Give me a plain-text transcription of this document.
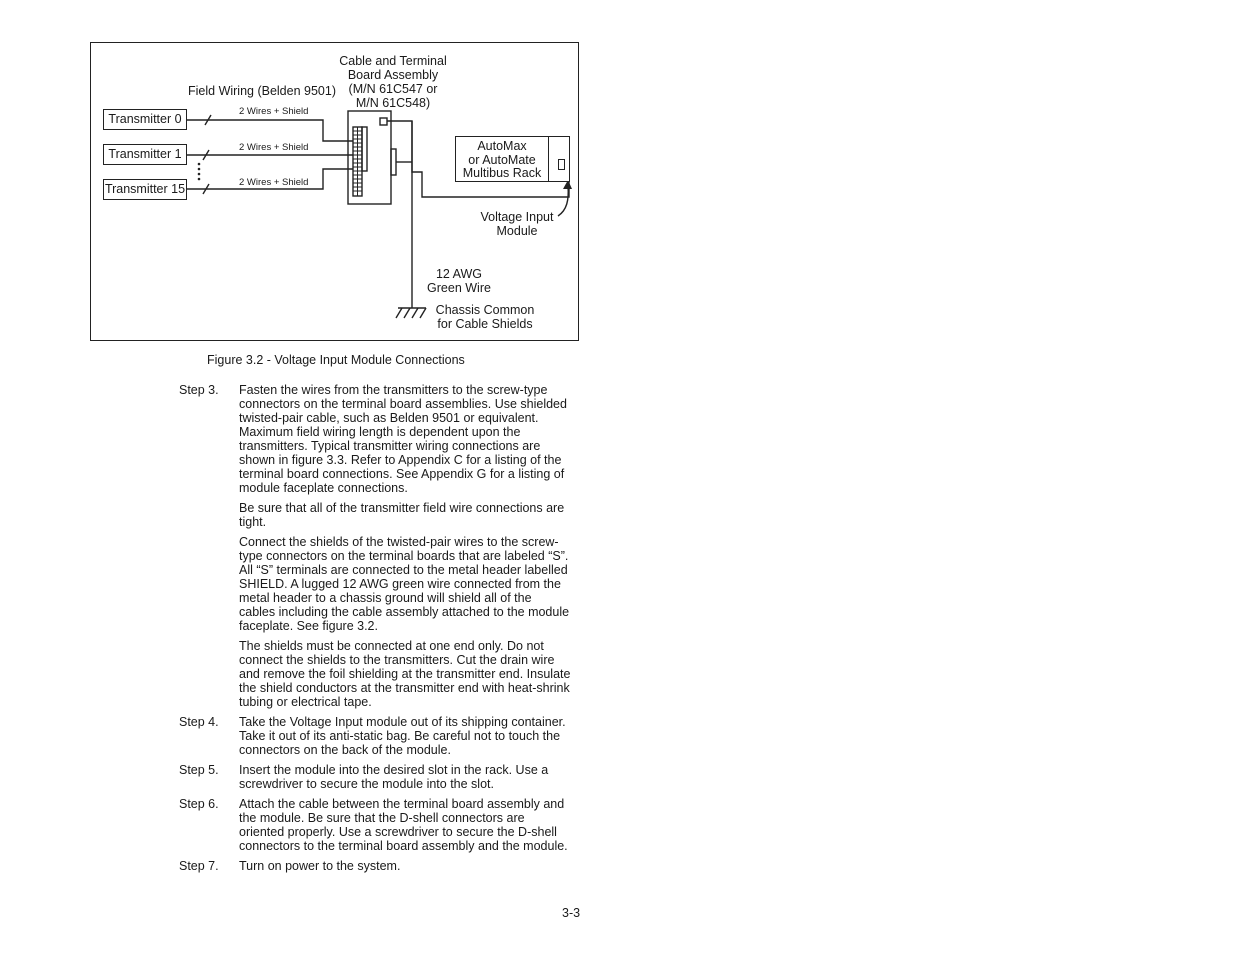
AutoMax
or AutoMate
Multibus Rack
Transmitter 0
Transmitter 1
Transmitter 15
2 Wires + Shield
2 Wires + Shield
2 Wires + Shield
Field Wiring (Belden 9501)
Cable and Terminal
Board Assembly
(M/N 61C547 or
M/N 61C548)
Voltage Input
Module
12 AWG
Green Wire
Chassis Common
for Cable Shields
Figure 3.2 - Voltage Input Module Connections
Step 3.	Fasten the wires from the transmitters to the screw-type connectors on the terminal board assemblies. Use shielded twisted-pair cable, such as Belden 9501 or equivalent. Maximum field wiring length is dependent upon the transmitters. Typical transmitter wiring connections are shown in figure 3.3. Refer to Appendix C for a listing of the terminal board connections. See Appendix G for a listing of module faceplate connections.

Be sure that all of the transmitter field wire connections are tight.

Connect the shields of the twisted-pair wires to the screw-type connectors on the terminal boards that are labeled “S”. All “S” terminals are connected to the metal header labelled SHIELD. A lugged 12 AWG green wire connected from the metal header to a chassis ground will shield all of the cables including the cable assembly attached to the module faceplate. See figure 3.2.

The shields must be connected at one end only. Do not connect the shields to the transmitters. Cut the drain wire and remove the foil shielding at the transmitter end. Insulate the shield conductors at the transmitter end with heat-shrink tubing or electrical tape.

Step 4.	Take the Voltage Input module out of its shipping container. Take it out of its anti-static bag. Be careful not to touch the connectors on the back of the module.

Step 5.	Insert the module into the desired slot in the rack. Use a screwdriver to secure the module into the slot.

Step 6.	Attach the cable between the terminal board assembly and the module. Be sure that the D-shell connectors are oriented properly. Use a screwdriver to secure the D-shell connectors to the terminal board assembly and the module.

Step 7.	Turn on power to the system.

3-3
